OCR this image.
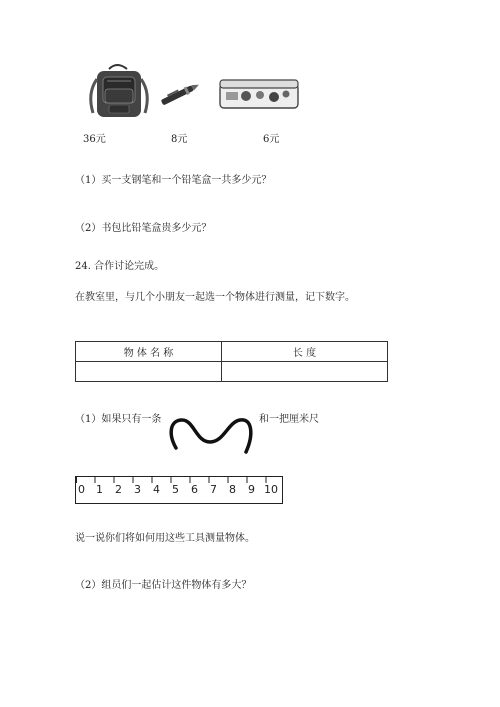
36元	8元	6元
（1）买一支钢笔和一个铅笔盒一共多少元？
（2）书包比铅笔盒贵多少元？
24. 合作讨论完成。
在教室里，与几个小朋友一起选一个物体进行测量，记下数字。
物 体 名 称	长 度

（1）如果只有一条	和一把厘米尺
0 1 2 3 4 5 6 7 8 9 10
说一说你们将如何用这些工具测量物体。
（2）组员们一起估计这件物体有多大？
